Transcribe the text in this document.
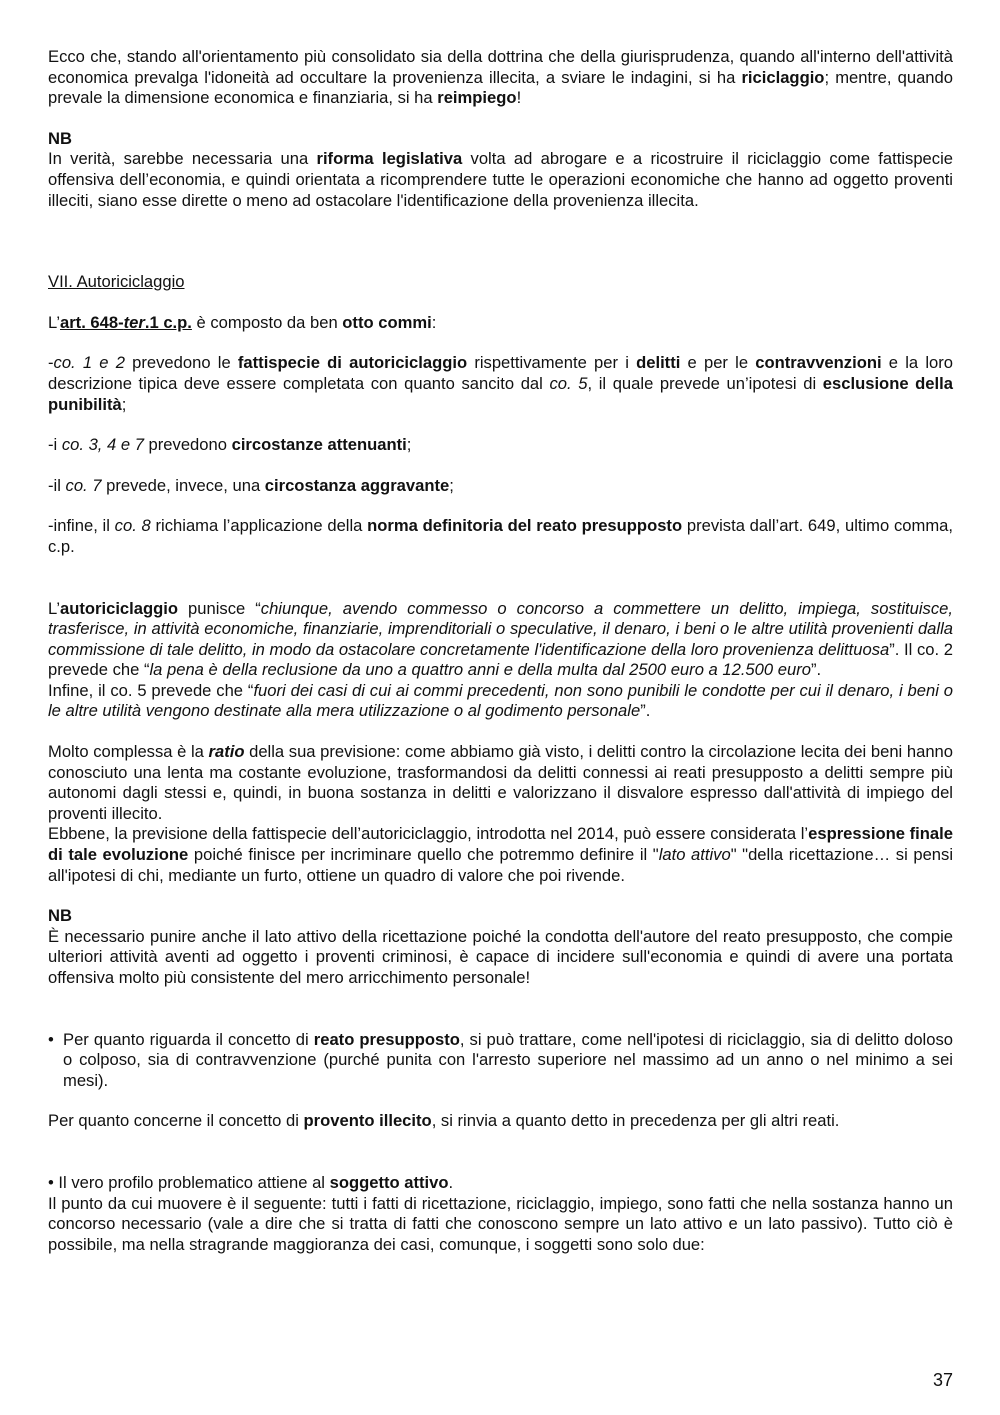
Ecco che, stando all'orientamento più consolidato sia della dottrina che della giurisprudenza, quando all'interno dell'attività economica prevalga l'idoneità ad occultare la provenienza illecita, a sviare le indagini, si ha riciclaggio; mentre, quando prevale la dimensione economica e finanziaria, si ha reimpiego!

NB

In verità, sarebbe necessaria una riforma legislativa volta ad abrogare e a ricostruire il riciclaggio come fattispecie offensiva dell’economia, e quindi orientata a ricomprendere tutte le operazioni economiche che hanno ad oggetto proventi illeciti, siano esse dirette o meno ad ostacolare l'identificazione della provenienza illecita.

VII. Autoriciclaggio

L’art. 648-ter.1 c.p. è composto da ben otto commi:

-co. 1 e 2 prevedono le fattispecie di autoriciclaggio rispettivamente per i delitti e per le contravvenzioni e la loro descrizione tipica deve essere completata con quanto sancito dal co. 5, il quale prevede un’ipotesi di esclusione della punibilità;

-i co. 3, 4 e 7 prevedono circostanze attenuanti;

-il co. 7 prevede, invece, una circostanza aggravante;

-infine, il co. 8 richiama l’applicazione della norma definitoria del reato presupposto prevista dall’art. 649, ultimo comma, c.p.

L’autoriciclaggio punisce “chiunque, avendo commesso o concorso a commettere un delitto, impiega, sostituisce, trasferisce, in attività economiche, finanziarie, imprenditoriali o speculative, il denaro, i beni o le altre utilità provenienti dalla commissione di tale delitto, in modo da ostacolare concretamente l'identificazione della loro provenienza delittuosa”. Il co. 2 prevede che “la pena è della reclusione da uno a quattro anni e della multa dal 2500 euro a 12.500 euro”.

Infine, il co. 5 prevede che “fuori dei casi di cui ai commi precedenti, non sono punibili le condotte per cui il denaro, i beni o le altre utilità vengono destinate alla mera utilizzazione o al godimento personale”.

Molto complessa è la ratio della sua previsione: come abbiamo già visto, i delitti contro la circolazione lecita dei beni hanno conosciuto una lenta ma costante evoluzione, trasformandosi da delitti connessi ai reati presupposto a delitti sempre più autonomi dagli stessi e, quindi, in buona sostanza in delitti e valorizzano il disvalore espresso dall'attività di impiego del proventi illecito.

Ebbene, la previsione della fattispecie dell’autoriciclaggio, introdotta nel 2014, può essere considerata l’espressione finale di tale evoluzione poiché finisce per incriminare quello che potremmo definire il "lato attivo" "della ricettazione… si pensi all'ipotesi di chi, mediante un furto, ottiene un quadro di valore che poi rivende.

NB

È necessario punire anche il lato attivo della ricettazione poiché la condotta dell'autore del reato presupposto, che compie ulteriori attività aventi ad oggetto i proventi criminosi, è capace di incidere sull'economia e quindi di avere una portata offensiva molto più consistente del mero arricchimento personale!

• Per quanto riguarda il concetto di reato presupposto, si può trattare, come nell'ipotesi di riciclaggio, sia di delitto doloso o colposo, sia di contravvenzione (purché punita con l'arresto superiore nel massimo ad un anno o nel minimo a sei mesi).

Per quanto concerne il concetto di provento illecito, si rinvia a quanto detto in precedenza per gli altri reati.

• Il vero profilo problematico attiene al soggetto attivo.

Il punto da cui muovere è il seguente: tutti i fatti di ricettazione, riciclaggio, impiego, sono fatti che nella sostanza hanno un concorso necessario (vale a dire che si tratta di fatti che conoscono sempre un lato attivo e un lato passivo). Tutto ciò è possibile, ma nella stragrande maggioranza dei casi, comunque, i soggetti sono solo due:

37
